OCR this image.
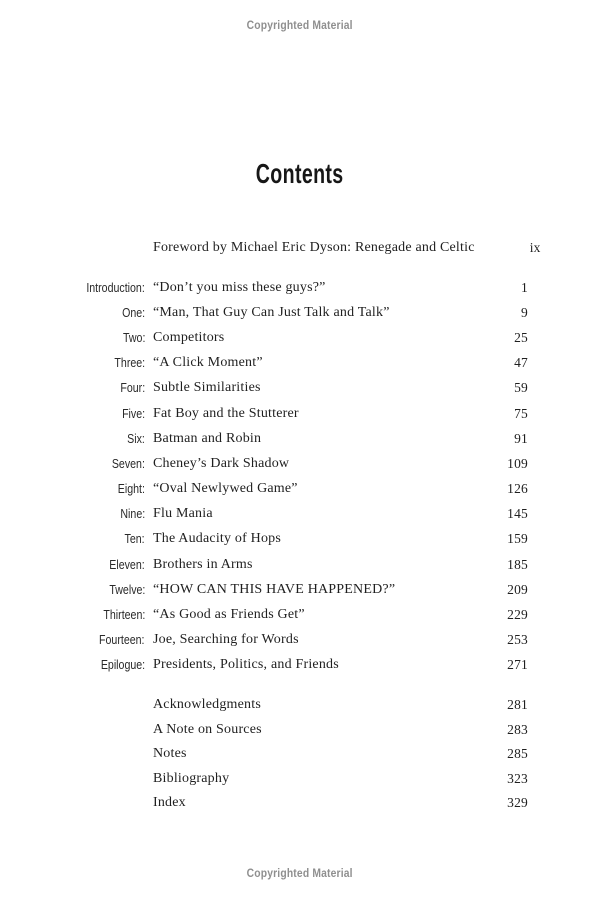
Copyrighted Material
Contents
Foreword by Michael Eric Dyson: Renegade and Celtic	ix
Introduction: “Don’t you miss these guys?”	1
One: “Man, That Guy Can Just Talk and Talk”	9
Two: Competitors	25
Three: “A Click Moment”	47
Four: Subtle Similarities	59
Five: Fat Boy and the Stutterer	75
Six: Batman and Robin	91
Seven: Cheney’s Dark Shadow	109
Eight: “Oval Newlywed Game”	126
Nine: Flu Mania	145
Ten: The Audacity of Hops	159
Eleven: Brothers in Arms	185
Twelve: “HOW CAN THIS HAVE HAPPENED?”	209
Thirteen: “As Good as Friends Get”	229
Fourteen: Joe, Searching for Words	253
Epilogue: Presidents, Politics, and Friends	271
Acknowledgments	281
A Note on Sources	283
Notes	285
Bibliography	323
Index	329
Copyrighted Material
